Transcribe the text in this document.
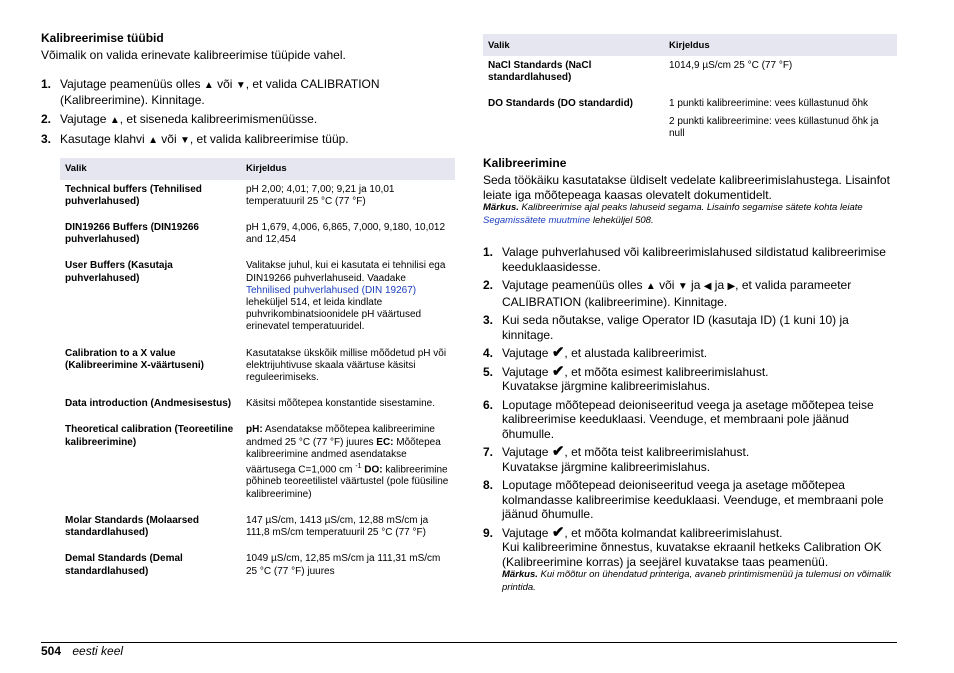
Kalibreerimise tüübid

Võimalik on valida erinevate kalibreerimise tüüpide vahel.

1. Vajutage peamenüüs olles ▲ või ▼, et valida CALIBRATION (Kalibreerimine). Kinnitage.
2. Vajutage ▲, et siseneda kalibreerimismenüüsse.
3. Kasutage klahvi ▲ või ▼, et valida kalibreerimise tüüp.
Valik	Kirjeldus
Technical buffers (Tehnilised puhverlahused)	pH 2,00; 4,01; 7,00; 9,21 ja 10,01 temperatuuril 25 °C (77 °F)
DIN19266 Buffers (DIN19266 puhverlahused)	pH 1,679, 4,006, 6,865, 7,000, 9,180, 10,012 and 12,454
User Buffers (Kasutaja puhverlahused)	Valitakse juhul, kui ei kasutata ei tehnilisi ega DIN19266 puhverlahuseid. Vaadake Tehnilised puhverlahused (DIN 19267) leheküljel 514, et leida kindlate puhvrikombinatsioonidele pH väärtused erinevatel temperatuuridel.
Calibration to a X value (Kalibreerimine X-väärtuseni)	Kasutatakse ükskõik millise mõõdetud pH või elektrijuhtivuse skaala väärtuse käsitsi reguleerimiseks.
Data introduction (Andmesisestus)	Käsitsi mõõtepea konstantide sisestamine.
Theoretical calibration (Teoreetiline kalibreerimine)	pH: Asendatakse mõõtepea kalibreerimine andmed 25 °C (77 °F) juures EC: Mõõtepea kalibreerimine andmed asendatakse väärtusega C=1,000 cm $^{-1}$ DO: kalibreerimine põhineb teoreetilistel väärtustel (pole füüsiline kalibreerimine)
Molar Standards (Molaarsed standardlahused)	147 µS/cm, 1413 µS/cm, 12,88 mS/cm ja 111,8 mS/cm temperatuuril 25 °C (77 °F)
Demal Standards (Demal standardlahused)	1049 µS/cm, 12,85 mS/cm ja 111,31 mS/cm 25 °C (77 °F) juures
Valik	Kirjeldus
NaCl Standards (NaCl standardlahused)	1014,9 µS/cm 25 °C (77 °F)
DO Standards (DO standardid)	1 punkti kalibreerimine: vees küllastunud õhk
2 punkti kalibreerimine: vees küllastunud õhk ja null
Kalibreerimine

Seda töökäiku kasutatakse üldiselt vedelate kalibreerimislahustega. Lisainfot leiate iga mõõtepeaga kaasas olevatelt dokumentidelt.

Märkus. Kalibreerimise ajal peaks lahuseid segama. Lisainfo segamise sätete kohta leiate Segamissätete muutmine leheküljel 508.

1. Valage puhverlahused või kalibreerimislahused sildistatud kalibreerimise keeduklaasidesse.
2. Vajutage peamenüüs olles ▲ või ▼ ja ◀ ja ▶, et valida parameeter CALIBRATION (kalibreerimine). Kinnitage.
3. Kui seda nõutakse, valige Operator ID (kasutaja ID) (1 kuni 10) ja kinnitage.
4. Vajutage ✔, et alustada kalibreerimist.
5. Vajutage ✔, et mõõta esimest kalibreerimislahust.
Kuvatakse järgmine kalibreerimislahus.
6. Loputage mõõtepead deioniseeritud veega ja asetage mõõtepea teise kalibreerimise keeduklaasi. Veenduge, et membraani pole jäänud õhumulle.
7. Vajutage ✔, et mõõta teist kalibreerimislahust.
Kuvatakse järgmine kalibreerimislahus.
8. Loputage mõõtepead deioniseeritud veega ja asetage mõõtepea kolmandasse kalibreerimise keeduklaasi. Veenduge, et membraani pole jäänud õhumulle.
9. Vajutage ✔, et mõõta kolmandat kalibreerimislahust.
Kui kalibreerimine õnnestus, kuvatakse ekraanil hetkeks Calibration OK (Kalibreerimine korras) ja seejärel kuvatakse taas peamenüü.
Märkus. Kui mõõtur on ühendatud printeriga, avaneb printimismenüü ja tulemusi on võimalik printida.
504 eesti keel
